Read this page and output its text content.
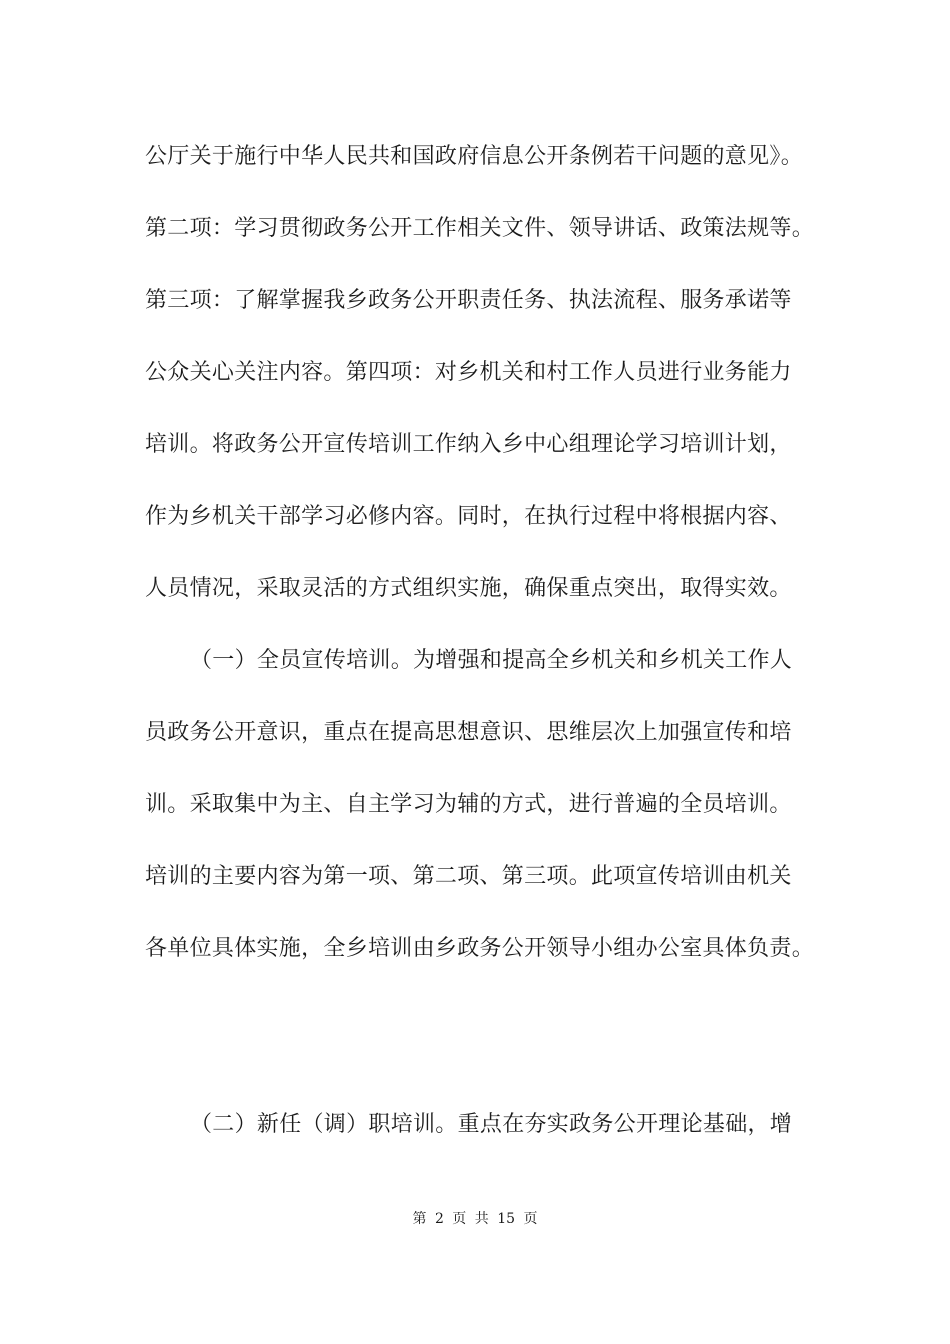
公厅关于施行中华人民共和国政府信息公开条例若干问题的意见》。
第二项：学习贯彻政务公开工作相关文件、领导讲话、政策法规等。
第三项：了解掌握我乡政务公开职责任务、执法流程、服务承诺等
公众关心关注内容。第四项：对乡机关和村工作人员进行业务能力
培训。将政务公开宣传培训工作纳入乡中心组理论学习培训计划，
作为乡机关干部学习必修内容。同时，在执行过程中将根据内容、
人员情况，采取灵活的方式组织实施，确保重点突出，取得实效。
（一）全员宣传培训。为增强和提高全乡机关和乡机关工作人
员政务公开意识，重点在提高思想意识、思维层次上加强宣传和培
训。采取集中为主、自主学习为辅的方式，进行普遍的全员培训。
培训的主要内容为第一项、第二项、第三项。此项宣传培训由机关
各单位具体实施，全乡培训由乡政务公开领导小组办公室具体负责。
（二）新任（调）职培训。重点在夯实政务公开理论基础，增
第 2 页 共 15 页
